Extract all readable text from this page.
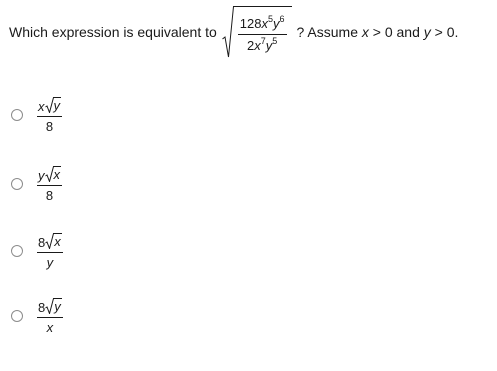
Which expression is equivalent to $\frac{128x^5y^6}{2x^7y^5}$ ? Assume x > 0 and y > 0.
x y
8
y x
8
8 x
y
8 y
x
